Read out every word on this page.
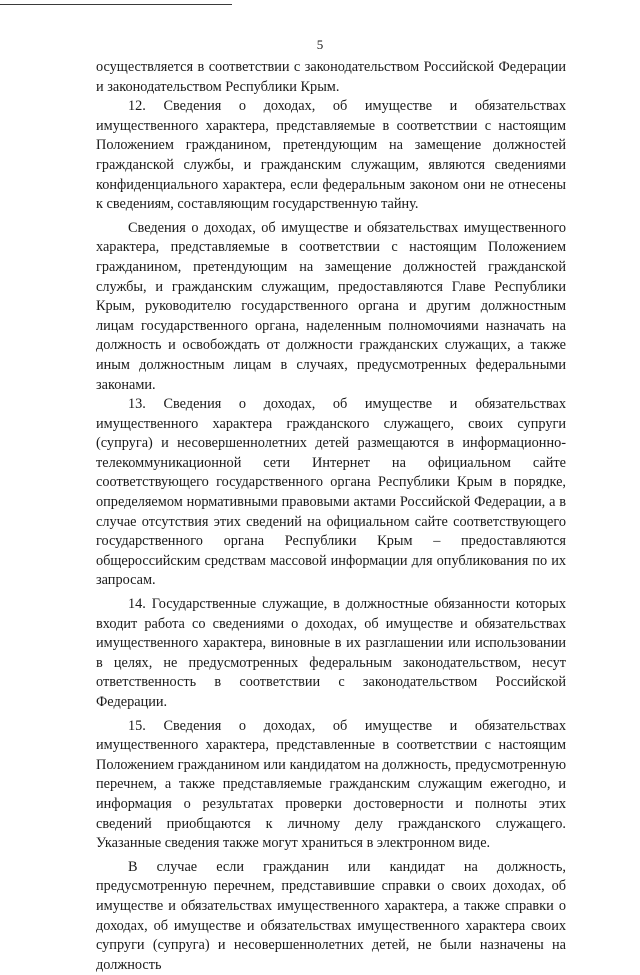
5

осуществляется в соответствии с законодательством Российской Федерации и законодательством Республики Крым.

12. Сведения о доходах, об имуществе и обязательствах имущественного характера, представляемые в соответствии с настоящим Положением гражданином, претендующим на замещение должностей гражданской службы, и гражданским служащим, являются сведениями конфиденциального характера, если федеральным законом они не отнесены к сведениям, составляющим государственную тайну.

Сведения о доходах, об имуществе и обязательствах имущественного характера, представляемые в соответствии с настоящим Положением гражданином, претендующим на замещение должностей гражданской службы, и гражданским служащим, предоставляются Главе Республики Крым, руководителю государственного органа и другим должностным лицам государственного органа, наделенным полномочиями назначать на должность и освобождать от должности гражданских служащих, а также иным должностным лицам в случаях, предусмотренных федеральными законами.

13. Сведения о доходах, об имуществе и обязательствах имущественного характера гражданского служащего, своих супруги (супруга) и несовершеннолетних детей размещаются в информационно-телекоммуникационной сети Интернет на официальном сайте соответствующего государственного органа Республики Крым в порядке, определяемом нормативными правовыми актами Российской Федерации, а в случае отсутствия этих сведений на официальном сайте соответствующего государственного органа Республики Крым – предоставляются общероссийским средствам массовой информации для опубликования по их запросам.

14. Государственные служащие, в должностные обязанности которых входит работа со сведениями о доходах, об имуществе и обязательствах имущественного характера, виновные в их разглашении или использовании в целях, не предусмотренных федеральным законодательством, несут ответственность в соответствии с законодательством Российской Федерации.

15. Сведения о доходах, об имуществе и обязательствах имущественного характера, представленные в соответствии с настоящим Положением гражданином или кандидатом на должность, предусмотренную перечнем, а также представляемые гражданским служащим ежегодно, и информация о результатах проверки достоверности и полноты этих сведений приобщаются к личному делу гражданского служащего. Указанные сведения также могут храниться в электронном виде.

В случае если гражданин или кандидат на должность, предусмотренную перечнем, представившие справки о своих доходах, об имуществе и обязательствах имущественного характера, а также справки о доходах, об имуществе и обязательствах имущественного характера своих супруги (супруга) и несовершеннолетних детей, не были назначены на должность
